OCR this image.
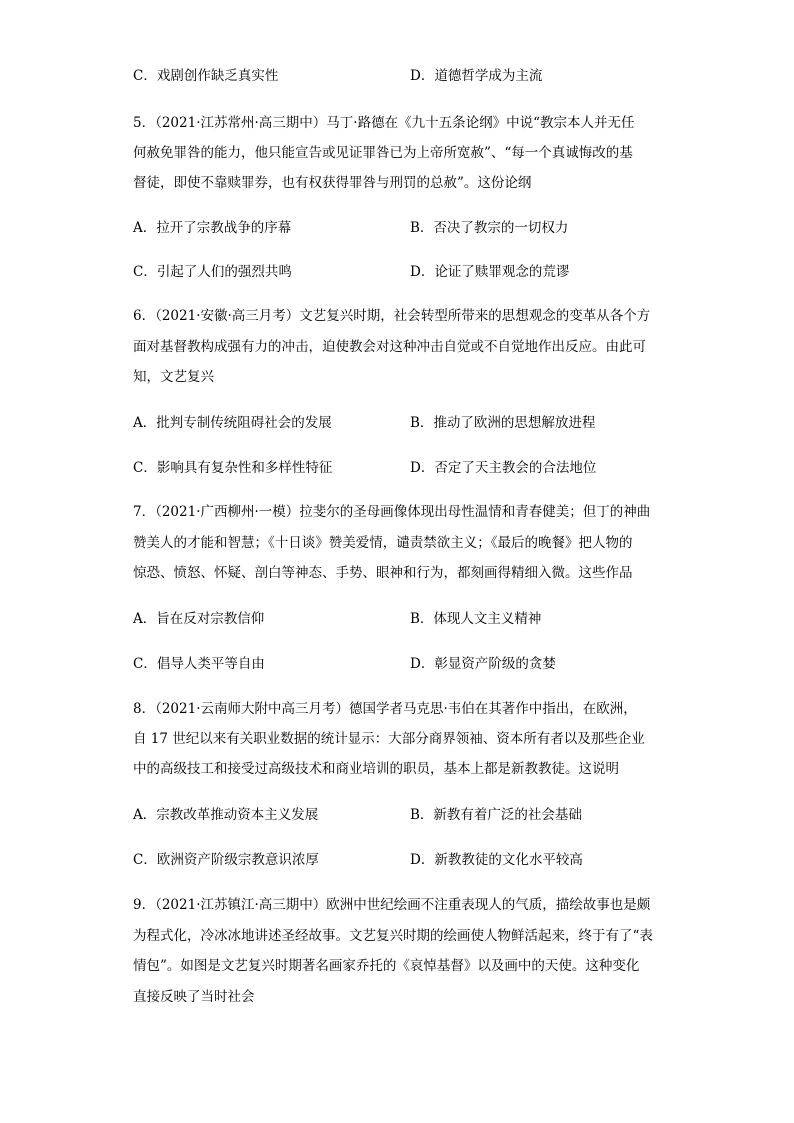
C．戏剧创作缺乏真实性	D．道德哲学成为主流
5．（2021·江苏常州·高三期中）马丁·路德在《九十五条论纲》中说“教宗本人并无任
何赦免罪咎的能力，他只能宣告或见证罪咎已为上帝所宽赦”、“每一个真诚悔改的基
督徒，即使不靠赎罪券，也有权获得罪咎与刑罚的总赦”。这份论纲
A．拉开了宗教战争的序幕	B．否决了教宗的一切权力
C．引起了人们的强烈共鸣	D．论证了赎罪观念的荒谬
6．（2021·安徽·高三月考）文艺复兴时期，社会转型所带来的思想观念的变革从各个方
面对基督教构成强有力的冲击，迫使教会对这种冲击自觉或不自觉地作出反应。由此可
知，文艺复兴
A．批判专制传统阻碍社会的发展	B．推动了欧洲的思想解放进程
C．影响具有复杂性和多样性特征	D．否定了天主教会的合法地位
7．（2021·广西柳州·一模）拉斐尔的圣母画像体现出母性温情和青春健美；但丁的神曲
赞美人的才能和智慧；《十日谈》赞美爱情，谴责禁欲主义；《最后的晚餐》把人物的
惊恐、愤怒、怀疑、剖白等神态、手势、眼神和行为，都刻画得精细入微。这些作品
A．旨在反对宗教信仰	B．体现人文主义精神
C．倡导人类平等自由	D．彰显资产阶级的贪婪
8．（2021·云南师大附中高三月考）德国学者马克思·韦伯在其著作中指出，在欧洲，
自 17 世纪以来有关职业数据的统计显示：大部分商界领袖、资本所有者以及那些企业
中的高级技工和接受过高级技术和商业培训的职员，基本上都是新教教徒。这说明
A．宗教改革推动资本主义发展	B．新教有着广泛的社会基础
C．欧洲资产阶级宗教意识浓厚	D．新教教徒的文化水平较高
9．（2021·江苏镇江·高三期中）欧洲中世纪绘画不注重表现人的气质，描绘故事也是颇
为程式化，冷冰冰地讲述圣经故事。文艺复兴时期的绘画使人物鲜活起来，终于有了“表
情包”。如图是文艺复兴时期著名画家乔托的《哀悼基督》以及画中的天使。这种变化
直接反映了当时社会
